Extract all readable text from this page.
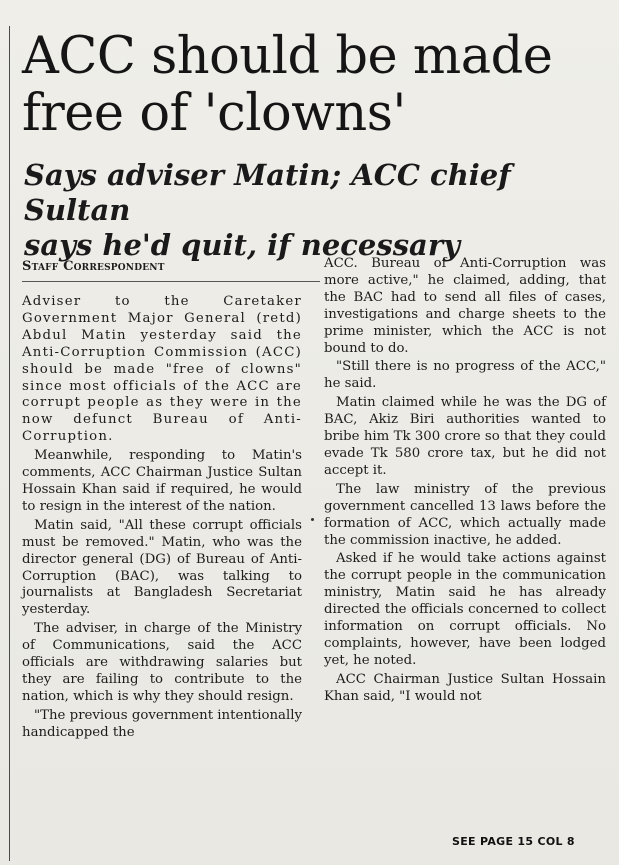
ACC should be made
free of 'clowns'
Says adviser Matin; ACC chief Sultan
says he'd quit, if necessary
Staff Correspondent

Adviser to the Caretaker Government Major General (retd) Abdul Matin yesterday said the Anti-Corruption Commission (ACC) should be made "free of clowns" since most officials of the ACC are corrupt people as they were in the now defunct Bureau of Anti-Corruption.

Meanwhile, responding to Matin's comments, ACC Chairman Justice Sultan Hossain Khan said if required, he would to resign in the interest of the nation.

Matin said, "All these corrupt officials must be removed." Matin, who was the director general (DG) of Bureau of Anti-Corruption (BAC), was talking to journalists at Bangladesh Secretariat yesterday.

The adviser, in charge of the Ministry of Communications, said the ACC officials are withdrawing salaries but they are failing to contribute to the nation, which is why they should resign.

"The previous government intentionally handicapped the

ACC. Bureau of Anti-Corruption was more active," he claimed, adding, that the BAC had to send all files of cases, investigations and charge sheets to the prime minister, which the ACC is not bound to do.

"Still there is no progress of the ACC," he said.

Matin claimed while he was the DG of BAC, Akiz Biri authorities wanted to bribe him Tk 300 crore so that they could evade Tk 580 crore tax, but he did not accept it.

The law ministry of the previous government cancelled 13 laws before the formation of ACC, which actually made the commission inactive, he added.

Asked if he would take actions against the corrupt people in the communication ministry, Matin said he has already directed the officials concerned to collect information on corrupt officials. No complaints, however, have been lodged yet, he noted.

ACC Chairman Justice Sultan Hossain Khan said, "I would not

SEE PAGE 15 COL 8
